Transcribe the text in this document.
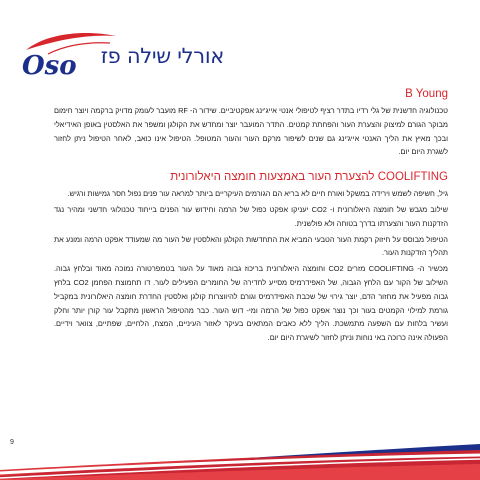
Oso אורלי שילה פז
B Young

טכנולוגיה חדשנית של גלי רדיו בתדר רציף לטיפולי אנטי אייג'ינג אפקטיביים. שידור ה- RF מועבר לעומק מדויק ברקמה ויוצר חימום מבוקר הגורם למיצוק והצערת העור והפחתת קמטים. התדר המועבר יוצר ומחדש את הקולגן ומשפר את האלסטין באופן האידיאלי ובכך מאיץ את הליך האנטי אייג'ינג גם שנים לשיפור מרקם העור והעור המטופל. הטיפול אינו כואב, לאחר הטיפול ניתן לחזור לשגרת היום יום.

COOLIFTING להצערת העור באמצעות חומצה היאלורונית

גיל, חשיפה לשמש וירידה במשקל ואורח חיים לא בריא הם הגורמים העיקריים ביותר למראה עור פנים נפול חסר גמישות ורגיש.

שילוב מגבש של חומצה היאלורונית ו- CO2 יעניקו אפקט כפול של הרמה וחידוש עור הפנים בייחוד טכנולוגי חדשני ומהיר נגד הזדקנות העור והצערתו בדרך בטוחה ולא פולשנית.

הטיפול מבוסס על חיזוק רקמת העור הטבעי המביא את התחדשות הקולגן והאלסטין של העור מה שמעודד אפקט הרמה ומונע את תהליך הזדקנות העור.

מכשיר ה- COOLIFTING מזרים CO2 וחומצה היאלורונית בריכוז גבוה מאוד על העור בטמפרטורה נמוכה מאוד ובלחץ גבוה. השילוב של הקור עם הלחץ הגבוה, של האפידרמיס מסייע לחדירה של החומרים הפעילים לעור. דו תחמוצת הפחמן CO2 בלחץ גבוה מפעיל את מחזור הדם, יוצר גירוי של שכבת האפידרמיס וגורם להיווצרות קולגן ואלסטין החדרת חומצה היאלורונית במקביל גורמת למילוי הקמטים בעור וכך נוצר אפקט כפול של הרמה ומי- דוש העור. כבר מהטיפול הראשון מתקבל עור קורן יותר וחלק ועשיר בלחות עם השפעה מתמשכת. הליך ללא כאבים המתאים בעיקר לאזור העיניים, המצח, הלחיים, שפתיים, צוואר וידיים. הפעולה אינה כרוכה באי נוחות וניתן לחזור לשיגרת היום יום.

9
